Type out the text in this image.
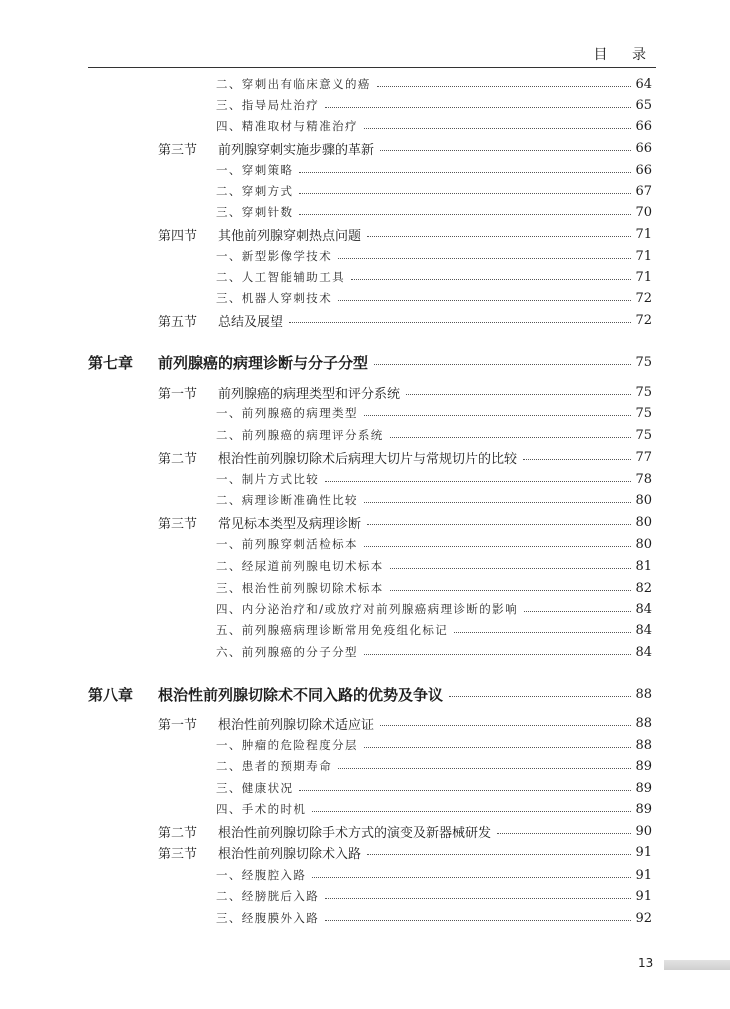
目 录
二、穿刺出有临床意义的癌	64
三、指导局灶治疗	65
四、精准取材与精准治疗	66
第三节	前列腺穿刺实施步骤的革新	66
一、穿刺策略	66
二、穿刺方式	67
三、穿刺针数	70
第四节	其他前列腺穿刺热点问题	71
一、新型影像学技术	71
二、人工智能辅助工具	71
三、机器人穿刺技术	72
第五节	总结及展望	72
第七章	前列腺癌的病理诊断与分子分型	75
第一节	前列腺癌的病理类型和评分系统	75
一、前列腺癌的病理类型	75
二、前列腺癌的病理评分系统	75
第二节	根治性前列腺切除术后病理大切片与常规切片的比较	77
一、制片方式比较	78
二、病理诊断准确性比较	80
第三节	常见标本类型及病理诊断	80
一、前列腺穿刺活检标本	80
二、经尿道前列腺电切术标本	81
三、根治性前列腺切除术标本	82
四、内分泌治疗和/或放疗对前列腺癌病理诊断的影响	84
五、前列腺癌病理诊断常用免疫组化标记	84
六、前列腺癌的分子分型	84
第八章	根治性前列腺切除术不同入路的优势及争议	88
第一节	根治性前列腺切除术适应证	88
一、肿瘤的危险程度分层	88
二、患者的预期寿命	89
三、健康状况	89
四、手术的时机	89
第二节	根治性前列腺切除手术方式的演变及新器械研发	90
第三节	根治性前列腺切除术入路	91
一、经腹腔入路	91
二、经膀胱后入路	91
三、经腹膜外入路	92
13
